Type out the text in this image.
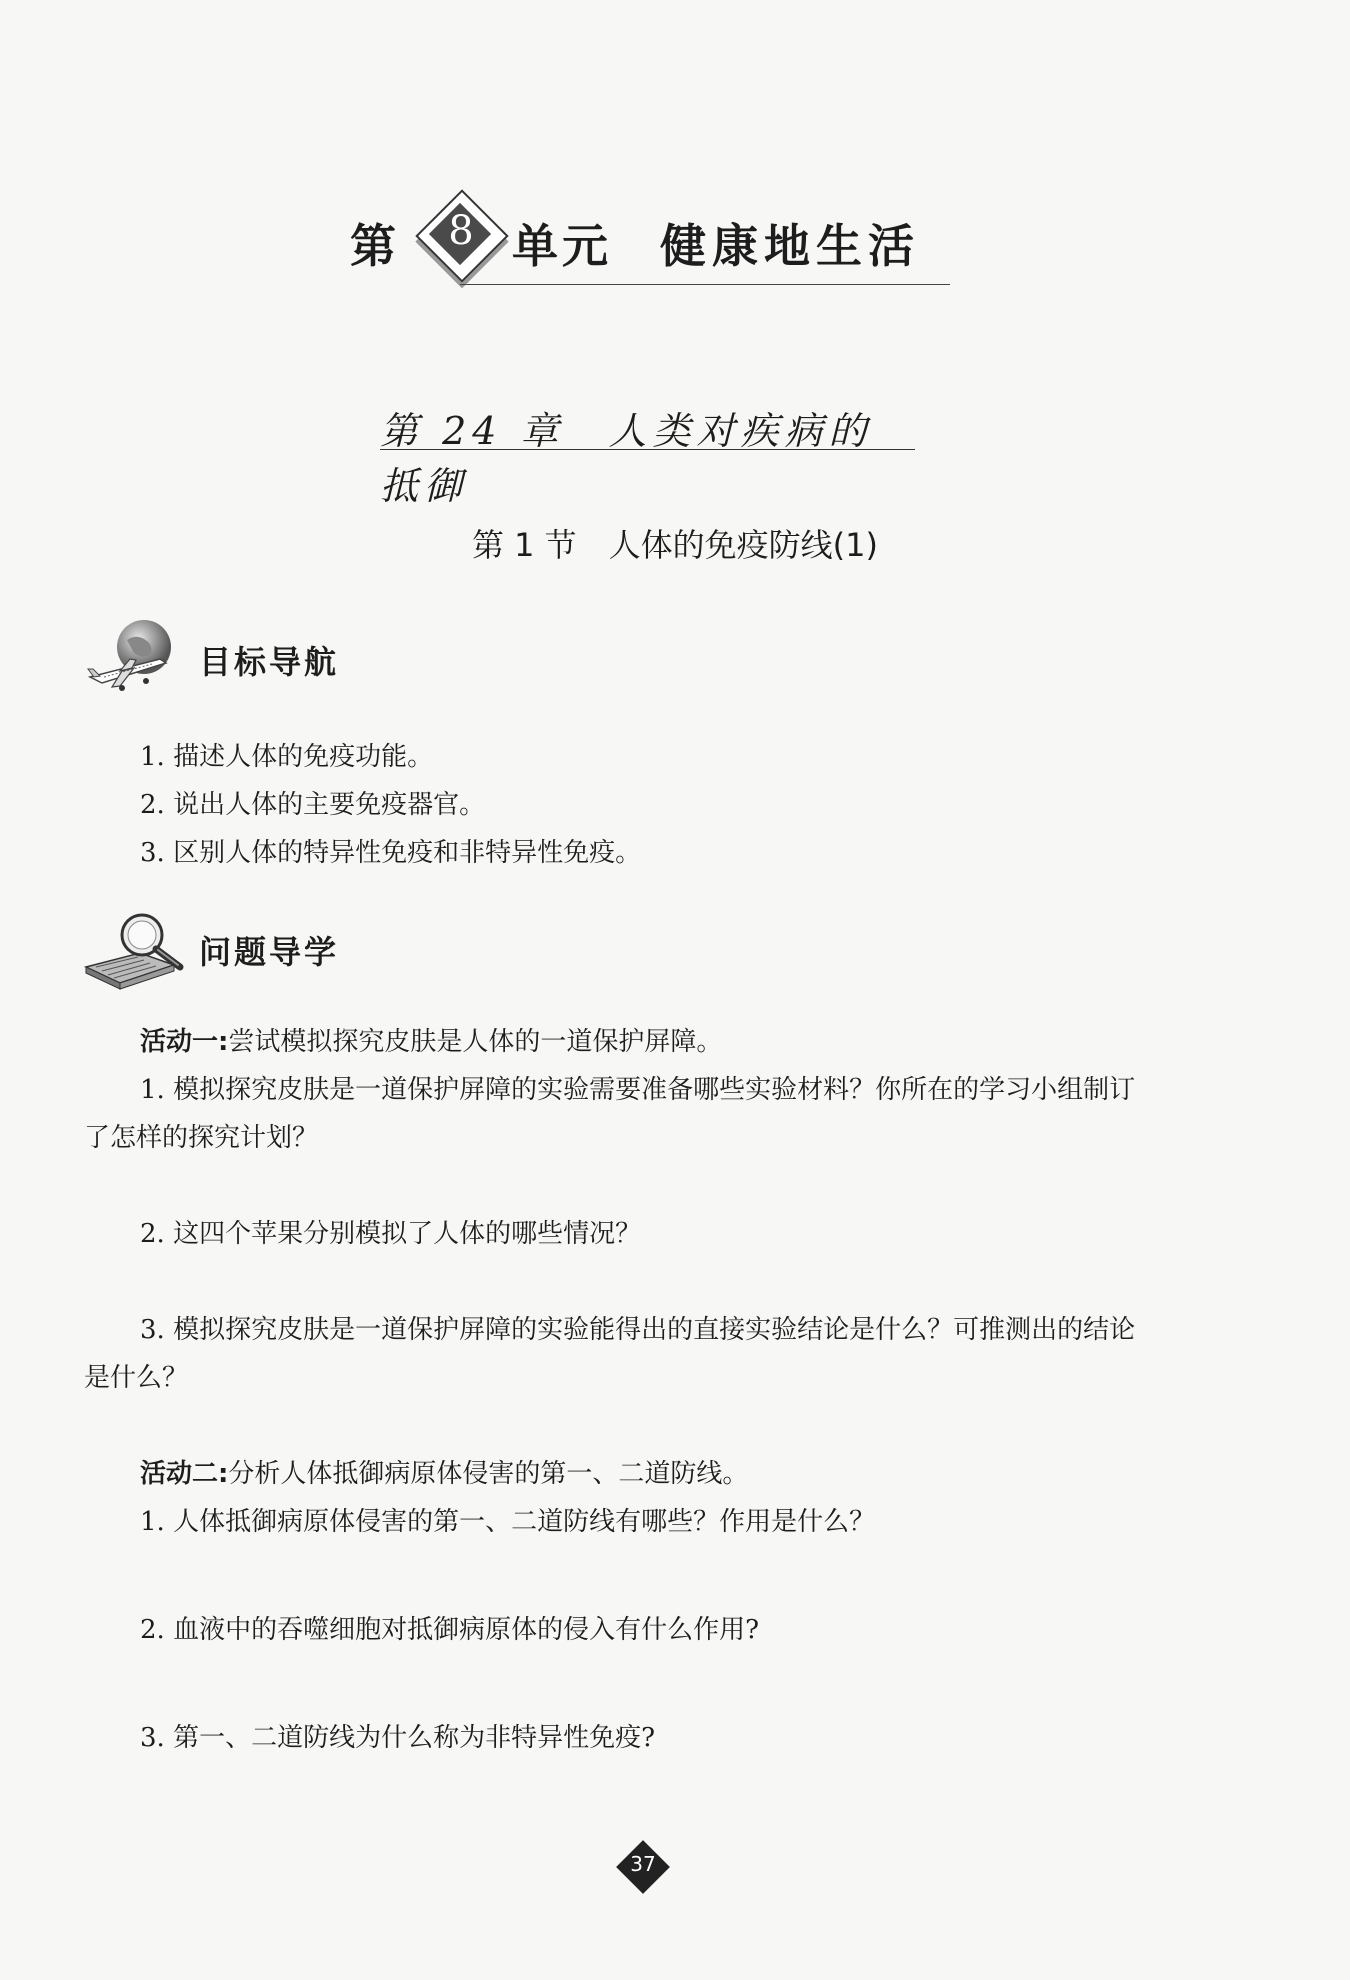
第	8 单元 健康地生活
第 24 章　人类对疾病的抵御
第 1 节　人体的免疫防线(1)
目标导航
1. 描述人体的免疫功能。
2. 说出人体的主要免疫器官。
3. 区别人体的特异性免疫和非特异性免疫。
问题导学
活动一:尝试模拟探究皮肤是人体的一道保护屏障。
1. 模拟探究皮肤是一道保护屏障的实验需要准备哪些实验材料？你所在的学习小组制订
了怎样的探究计划？
2. 这四个苹果分别模拟了人体的哪些情况？
3. 模拟探究皮肤是一道保护屏障的实验能得出的直接实验结论是什么？可推测出的结论
是什么？
活动二:分析人体抵御病原体侵害的第一、二道防线。
1. 人体抵御病原体侵害的第一、二道防线有哪些？作用是什么？
2. 血液中的吞噬细胞对抵御病原体的侵入有什么作用?
3. 第一、二道防线为什么称为非特异性免疫?
37
